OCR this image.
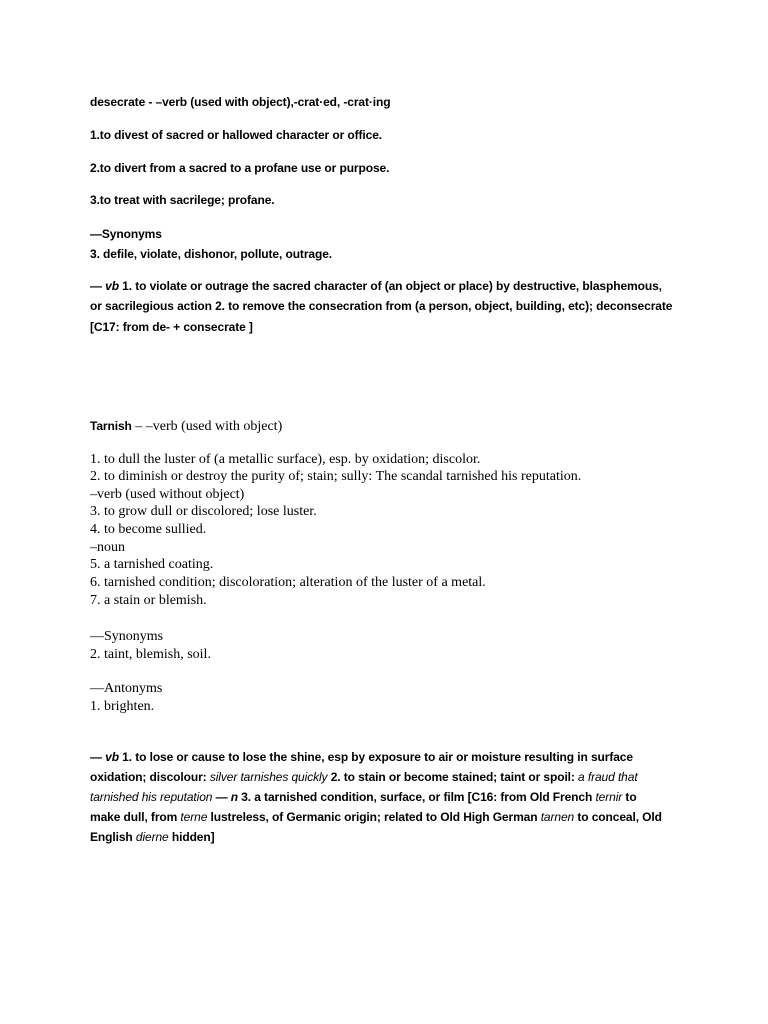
desecrate - –verb (used with object),-crat·ed, -crat·ing
1.to divest of sacred or hallowed character or office.
2.to divert from a sacred to a profane use or purpose.
3.to treat with sacrilege; profane.
—Synonyms
3. defile, violate, dishonor, pollute, outrage.
— vb 1. to violate or outrage the sacred character of (an object or place) by destructive, blasphemous,
or sacrilegious action 2. to remove the consecration from (a person, object, building, etc); deconsecrate
[C17: from de- + consecrate ]
Tarnish – –verb (used with object)
1. to dull the luster of (a metallic surface), esp. by oxidation; discolor.
2. to diminish or destroy the purity of; stain; sully: The scandal tarnished his reputation.
–verb (used without object)
3. to grow dull or discolored; lose luster.
4. to become sullied.
–noun
5. a tarnished coating.
6. tarnished condition; discoloration; alteration of the luster of a metal.
7. a stain or blemish.
—Synonyms
2. taint, blemish, soil.
—Antonyms
1. brighten.
— vb 1. to lose or cause to lose the shine, esp by exposure to air or moisture resulting in surface
oxidation; discolour: silver tarnishes quickly 2. to stain or become stained; taint or spoil: a fraud that
tarnished his reputation — n 3. a tarnished condition, surface, or film [C16: from Old French ternir to
make dull, from terne lustreless, of Germanic origin; related to Old High German tarnen to conceal, Old
English dierne hidden]
